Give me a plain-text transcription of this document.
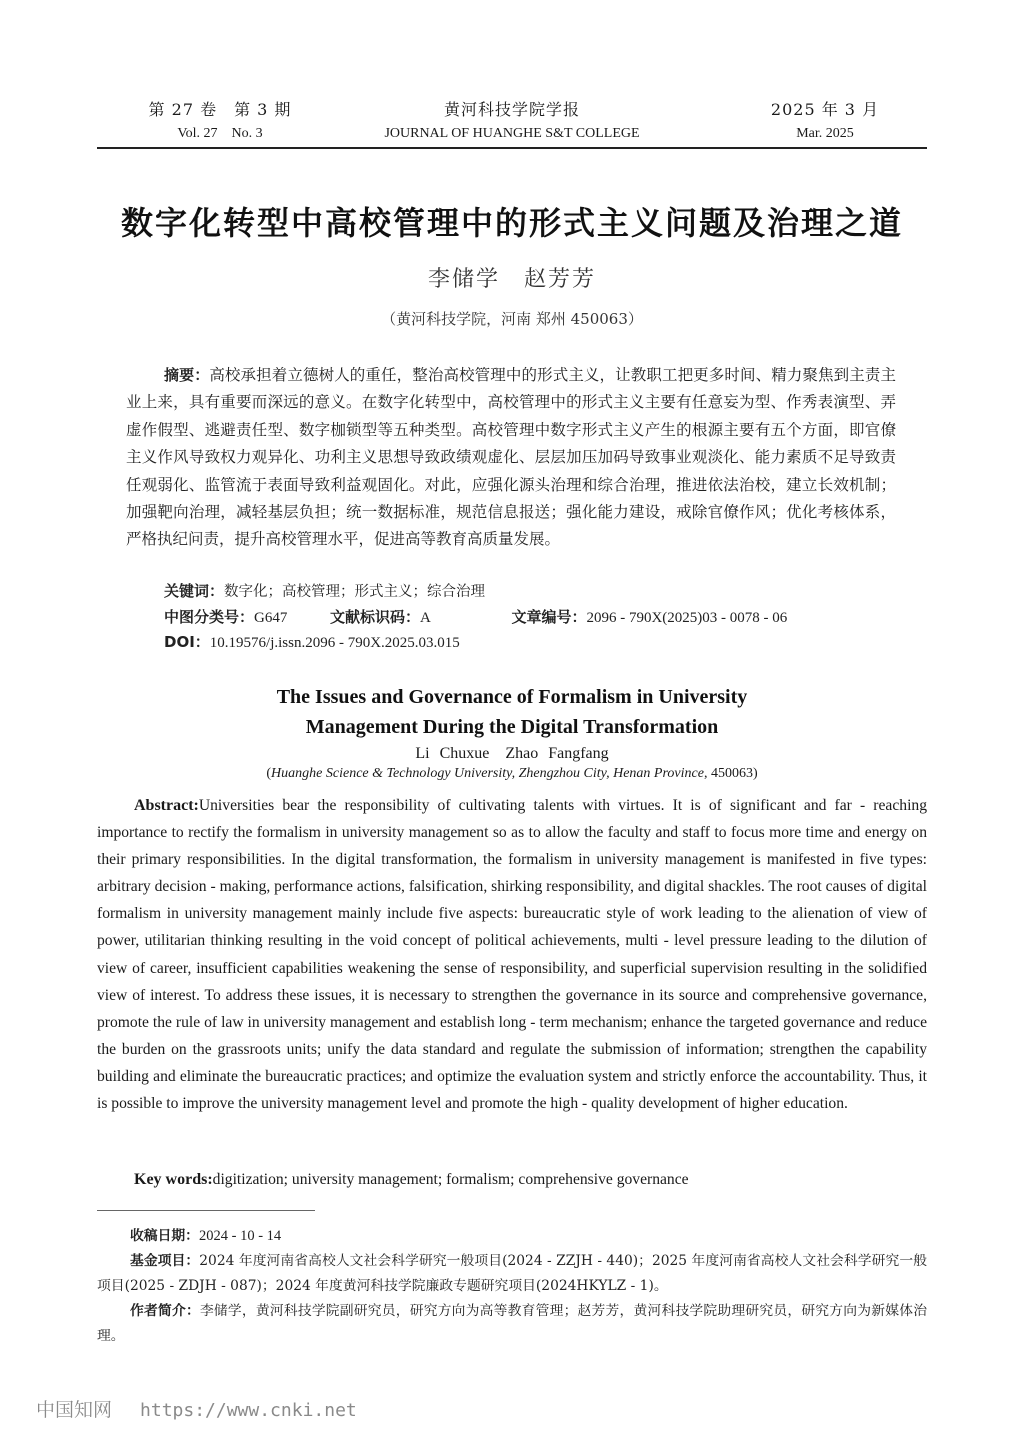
第 27 卷　第 3 期
Vol. 27　No. 3
黄河科技学院学报
JOURNAL OF HUANGHE S&T COLLEGE
2025 年 3 月
Mar. 2025
数字化转型中高校管理中的形式主义问题及治理之道
李储学　赵芳芳
（黄河科技学院，河南 郑州 450063）
摘要：高校承担着立德树人的重任，整治高校管理中的形式主义，让教职工把更多时间、精力聚焦到主责主业上来，具有重要而深远的意义。在数字化转型中，高校管理中的形式主义主要有任意妄为型、作秀表演型、弄虚作假型、逃避责任型、数字枷锁型等五种类型。高校管理中数字形式主义产生的根源主要有五个方面，即官僚主义作风导致权力观异化、功利主义思想导致政绩观虚化、层层加压加码导致事业观淡化、能力素质不足导致责任观弱化、监管流于表面导致利益观固化。对此，应强化源头治理和综合治理，推进依法治校，建立长效机制；加强靶向治理，减轻基层负担；统一数据标准，规范信息报送；强化能力建设，戒除官僚作风；优化考核体系，严格执纪问责，提升高校管理水平，促进高等教育高质量发展。
关键词：数字化；高校管理；形式主义；综合治理
中图分类号：G647	文献标识码：A	文章编号：2096 - 790X(2025)03 - 0078 - 06
DOI：10.19576/j.issn.2096 - 790X.2025.03.015
The Issues and Governance of Formalism in University
Management During the Digital Transformation
Li Chuxue　Zhao Fangfang
(Huanghe Science & Technology University, Zhengzhou City, Henan Province, 450063)
Abstract:Universities bear the responsibility of cultivating talents with virtues. It is of significant and far - reaching importance to rectify the formalism in university management so as to allow the faculty and staff to focus more time and energy on their primary responsibilities. In the digital transformation, the formalism in university management is manifested in five types: arbitrary decision - making, performance actions, falsification, shirking responsibility, and digital shackles. The root causes of digital formalism in university management mainly include five aspects: bureaucratic style of work leading to the alienation of view of power, utilitarian thinking resulting in the void concept of political achievements, multi - level pressure leading to the dilution of view of career, insufficient capabilities weakening the sense of responsibility, and superficial supervision resulting in the solidified view of interest. To address these issues, it is necessary to strengthen the governance in its source and comprehensive governance, promote the rule of law in university management and establish long - term mechanism; enhance the targeted governance and reduce the burden on the grassroots units; unify the data standard and regulate the submission of information; strengthen the capability building and eliminate the bureaucratic practices; and optimize the evaluation system and strictly enforce the accountability. Thus, it is possible to improve the university management level and promote the high - quality development of higher education.
Key words:digitization; university management; formalism; comprehensive governance

收稿日期：2024 - 10 - 14

基金项目：2024 年度河南省高校人文社会科学研究一般项目(2024 - ZZJH - 440)；2025 年度河南省高校人文社会科学研究一般项目(2025 - ZDJH - 087)；2024 年度黄河科技学院廉政专题研究项目(2024HKYLZ - 1)。

作者简介：李储学，黄河科技学院副研究员，研究方向为高等教育管理；赵芳芳，黄河科技学院助理研究员，研究方向为新媒体治理。

中国知网 https://www.cnki.net
